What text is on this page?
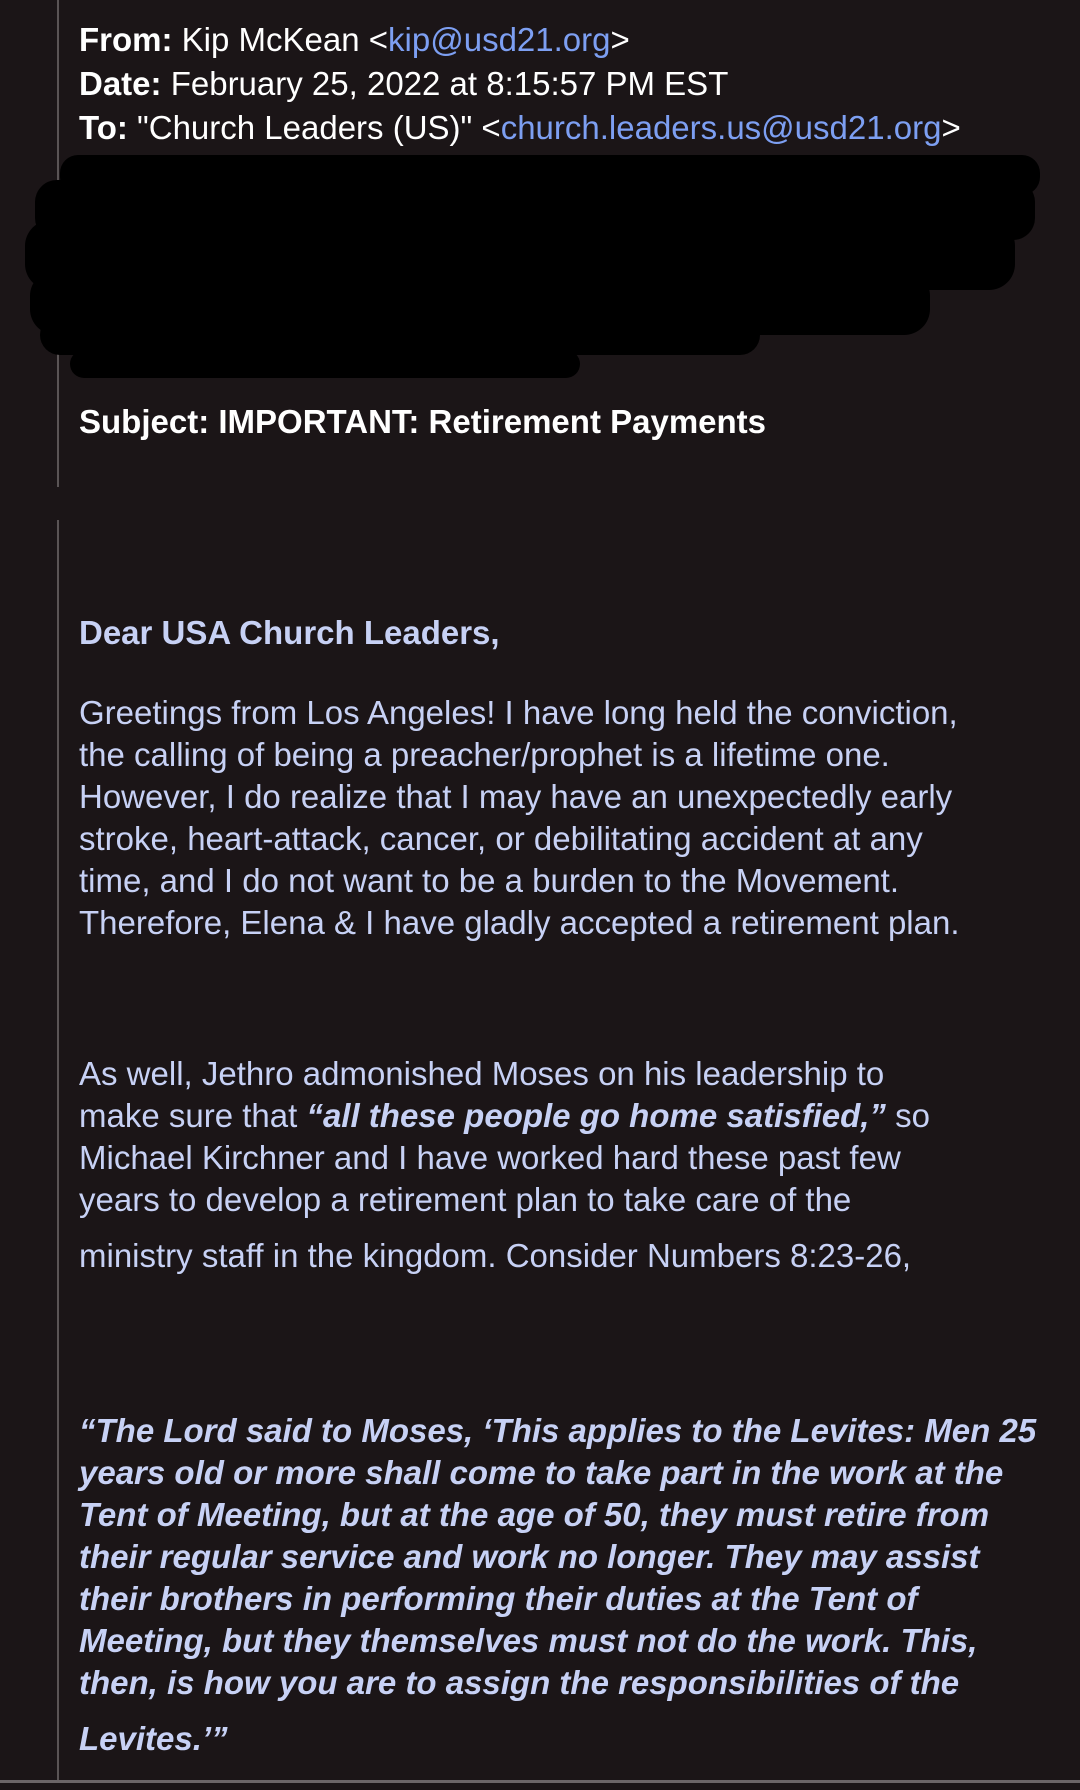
From: Kip McKean <kip@usd21.org>
Date: February 25, 2022 at 8:15:57 PM EST
To: "Church Leaders (US)" <church.leaders.us@usd21.org>
Subject: IMPORTANT: Retirement Payments
Dear USA Church Leaders,
Greetings from Los Angeles! I have long held the conviction,
the calling of being a preacher/prophet is a lifetime one.
However, I do realize that I may have an unexpectedly early
stroke, heart-attack, cancer, or debilitating accident at any
time, and I do not want to be a burden to the Movement.
Therefore, Elena & I have gladly accepted a retirement plan.
As well, Jethro admonished Moses on his leadership to
make sure that “all these people go home satisfied,” so
Michael Kirchner and I have worked hard these past few
years to develop a retirement plan to take care of the
ministry staff in the kingdom. Consider Numbers 8:23-26,
“The Lord said to Moses, ‘This applies to the Levites: Men 25
years old or more shall come to take part in the work at the
Tent of Meeting, but at the age of 50, they must retire from
their regular service and work no longer. They may assist
their brothers in performing their duties at the Tent of
Meeting, but they themselves must not do the work. This,
then, is how you are to assign the responsibilities of the
Levites.’”
